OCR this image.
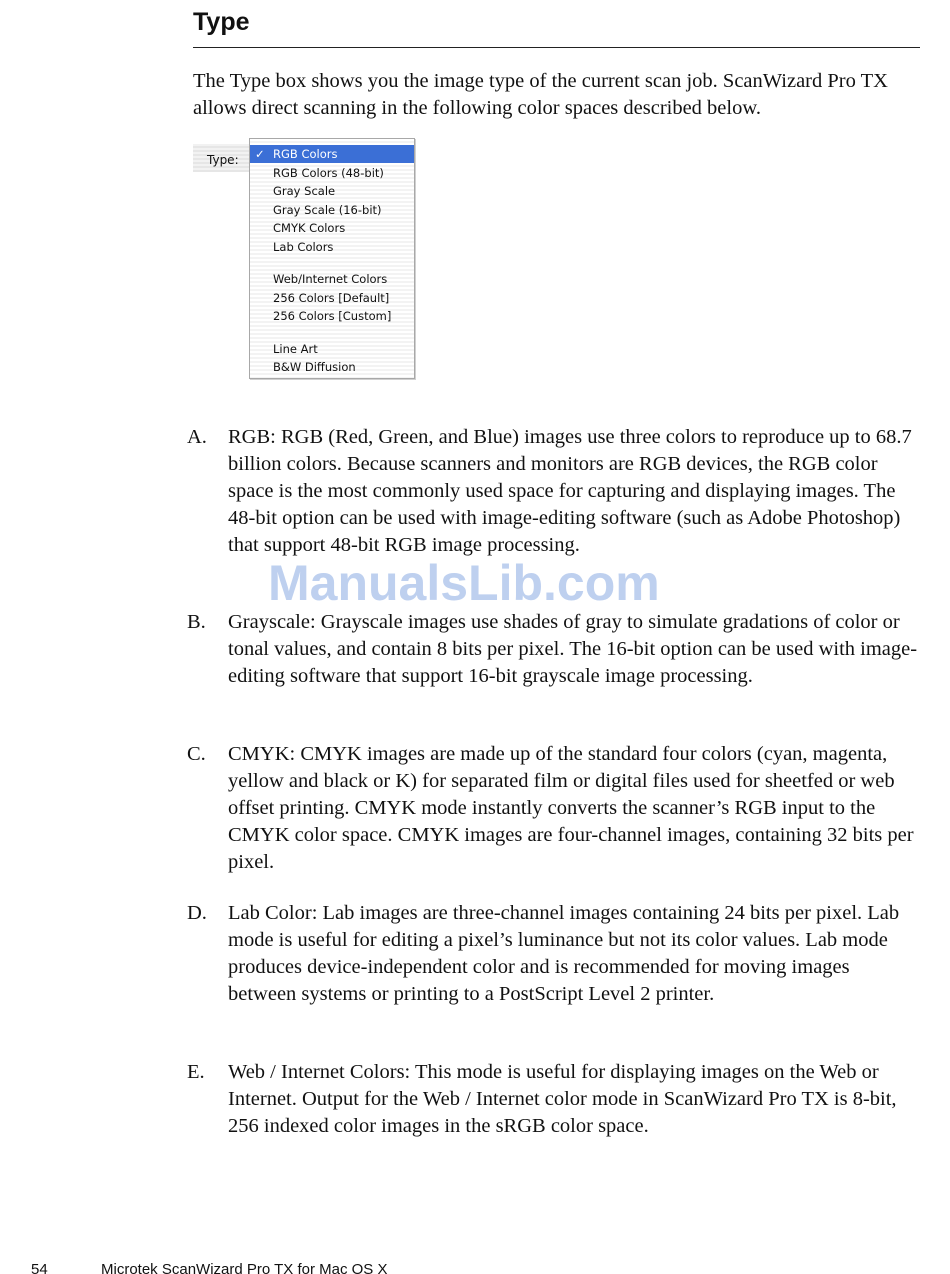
Type

The Type box shows you the image type of the current scan job. ScanWizard Pro TX allows direct scanning in the following color spaces described below.

Type: ✓ RGB Colors
RGB Colors (48-bit)
Gray Scale
Gray Scale (16-bit)
CMYK Colors
Lab Colors
Web/Internet Colors
256 Colors [Default]
256 Colors [Custom]
Line Art
B&W Diffusion
A. RGB: RGB (Red, Green, and Blue) images use three colors to reproduce up to 68.7 billion colors. Because scanners and monitors are RGB devices, the RGB color space is the most commonly used space for capturing and displaying images. The 48-bit option can be used with image-editing software (such as Adobe Photoshop) that support 48-bit RGB image processing.
B. Grayscale: Grayscale images use shades of gray to simulate gradations of color or tonal values, and contain 8 bits per pixel. The 16-bit option can be used with image-editing software that support 16-bit grayscale image processing.
C. CMYK: CMYK images are made up of the standard four colors (cyan, magenta, yellow and black or K) for separated film or digital files used for sheetfed or web offset printing. CMYK mode instantly converts the scanner’s RGB input to the CMYK color space. CMYK images are four-channel images, containing 32 bits per pixel.
D. Lab Color: Lab images are three-channel images containing 24 bits per pixel. Lab mode is useful for editing a pixel’s luminance but not its color values. Lab mode produces device-independent color and is recommended for moving images between systems or printing to a PostScript Level 2 printer.
E. Web / Internet Colors: This mode is useful for displaying images on the Web or Internet. Output for the Web / Internet color mode in ScanWizard Pro TX is 8-bit, 256 indexed color images in the sRGB color space.
ManualsLib.com
54	Microtek ScanWizard Pro TX for Mac OS X
